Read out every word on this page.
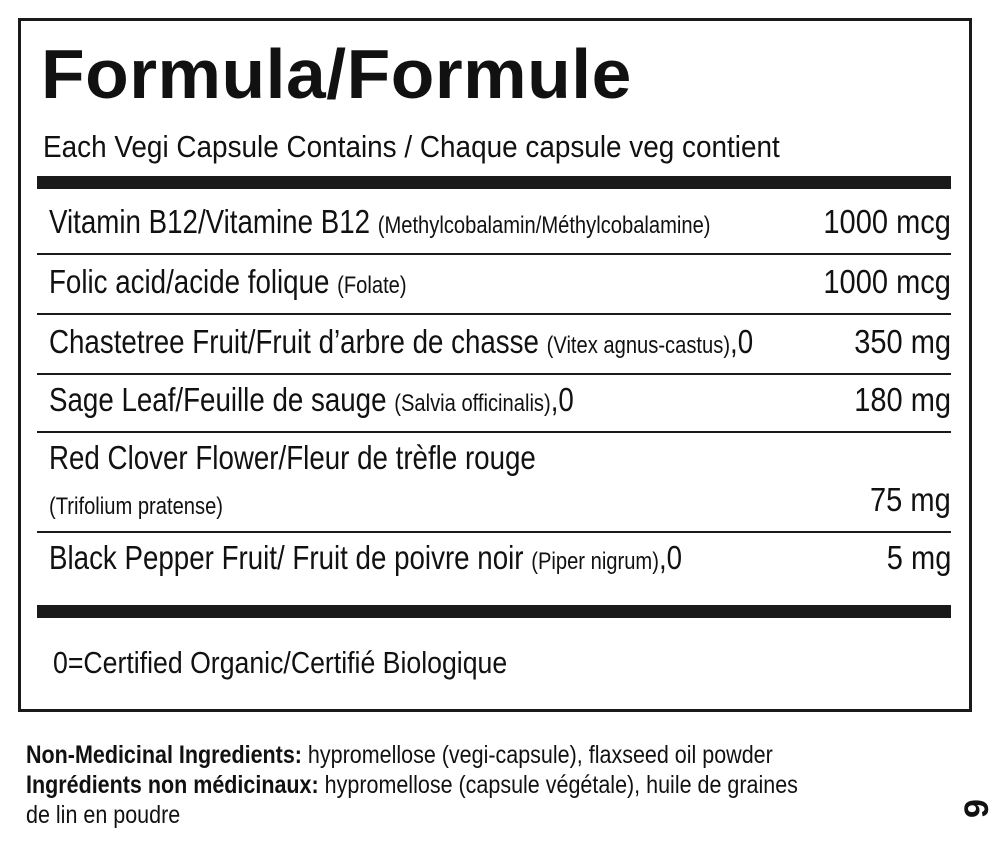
Formula/Formule
Each Vegi Capsule Contains / Chaque capsule veg contient
Vitamin B12/Vitamine B12 (Methylcobalamin/Méthylcobalamine)	1000 mcg
Folic acid/acide folique (Folate)	1000 mcg
Chastetree Fruit/Fruit d’arbre de chasse (Vitex agnus-castus),0	350 mg
Sage Leaf/Feuille de sauge (Salvia officinalis),0	180 mg
Red Clover Flower/Fleur de trèfle rouge
(Trifolium pratense)	75 mg
Black Pepper Fruit/ Fruit de poivre noir (Piper nigrum),0	5 mg
0=Certified Organic/Certifié Biologique

Non-Medicinal Ingredients: hypromellose (vegi-capsule), flaxseed oil powder

Ingrédients non médicinaux: hypromellose (capsule végétale), huile de graines

de lin en poudre	9
